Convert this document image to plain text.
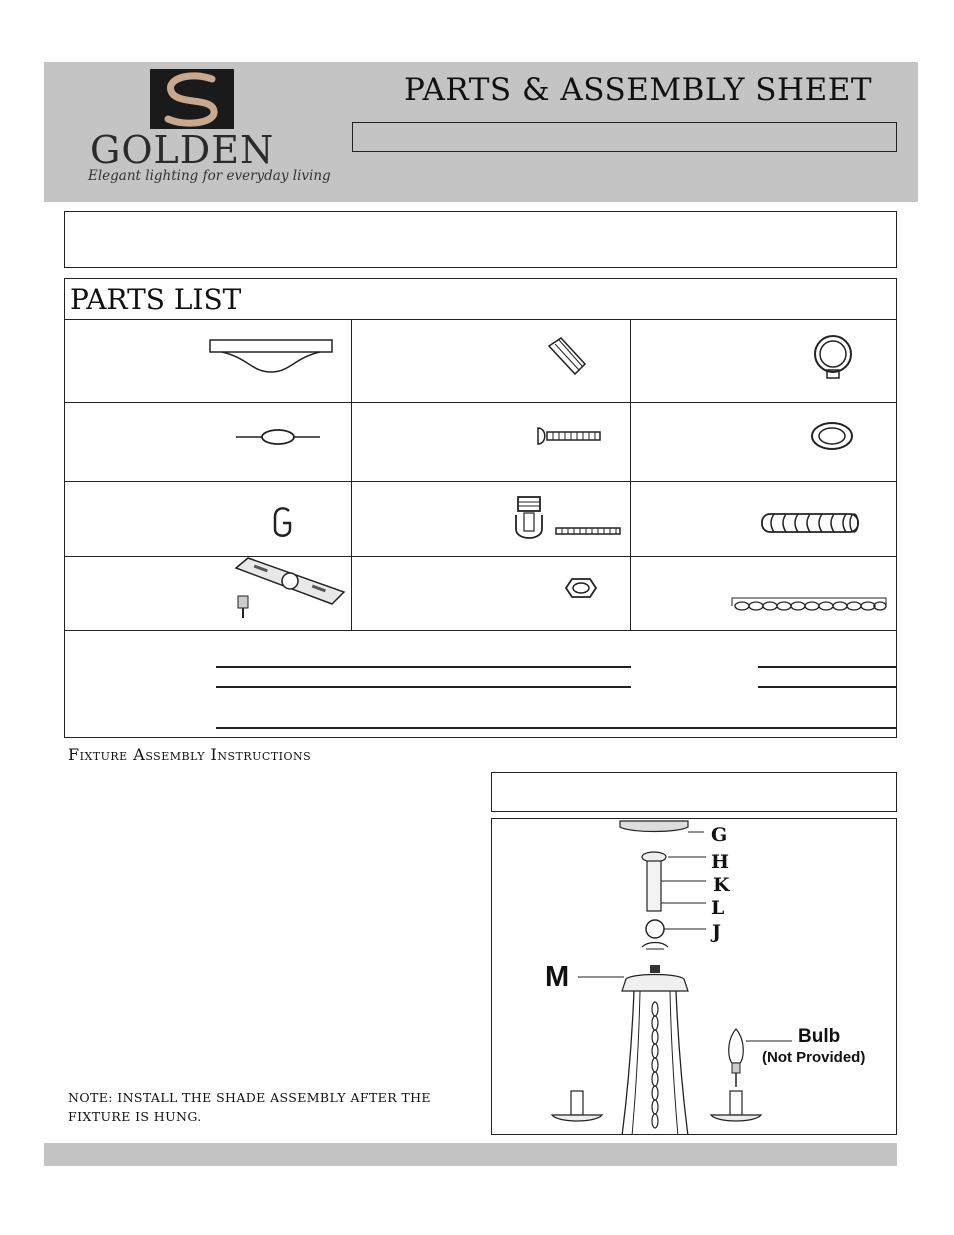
GOLDEN
Elegant lighting for everyday living
PARTS & ASSEMBLY SHEET
PARTS LIST
Fixture Assembly Instructions
G
H
K
L
J
M
Bulb
(Not Provided)
NOTE: INSTALL THE SHADE ASSEMBLY AFTER THE FIXTURE IS HUNG.
